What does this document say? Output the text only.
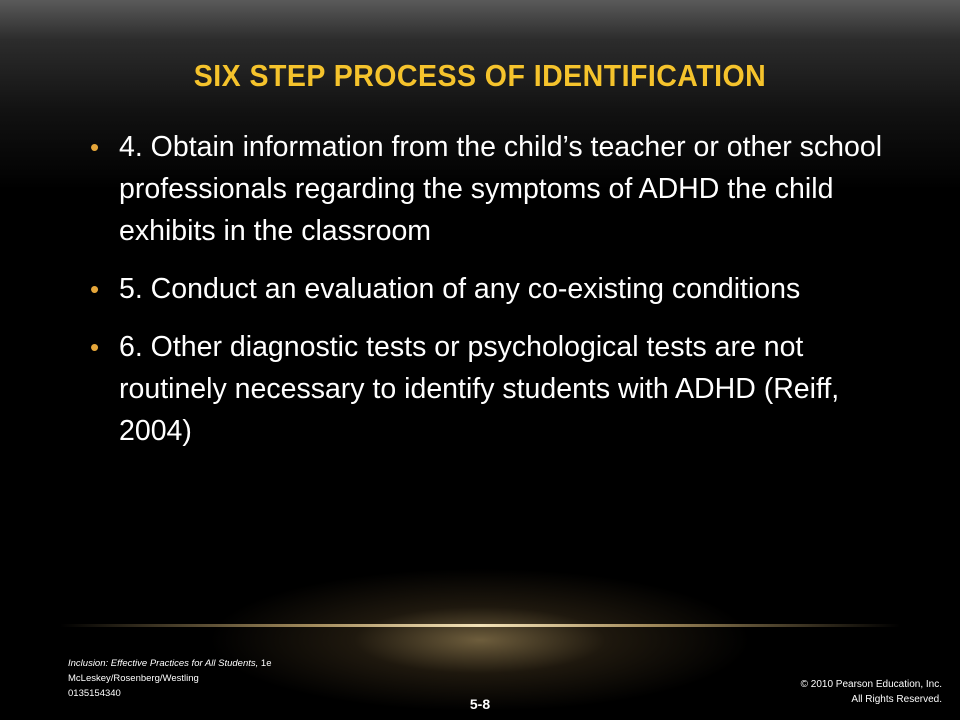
SIX STEP PROCESS OF IDENTIFICATION
• 4. Obtain information from the child’s teacher or other school professionals regarding the symptoms of ADHD the child exhibits in the classroom
• 5. Conduct an evaluation of any co-existing conditions
• 6. Other diagnostic tests or psychological tests are not routinely necessary to identify students with ADHD (Reiff, 2004)
Inclusion: Effective Practices for All Students, 1e
McLeskey/Rosenberg/Westling
0135154340
5-8
© 2010 Pearson Education, Inc.
All Rights Reserved.
